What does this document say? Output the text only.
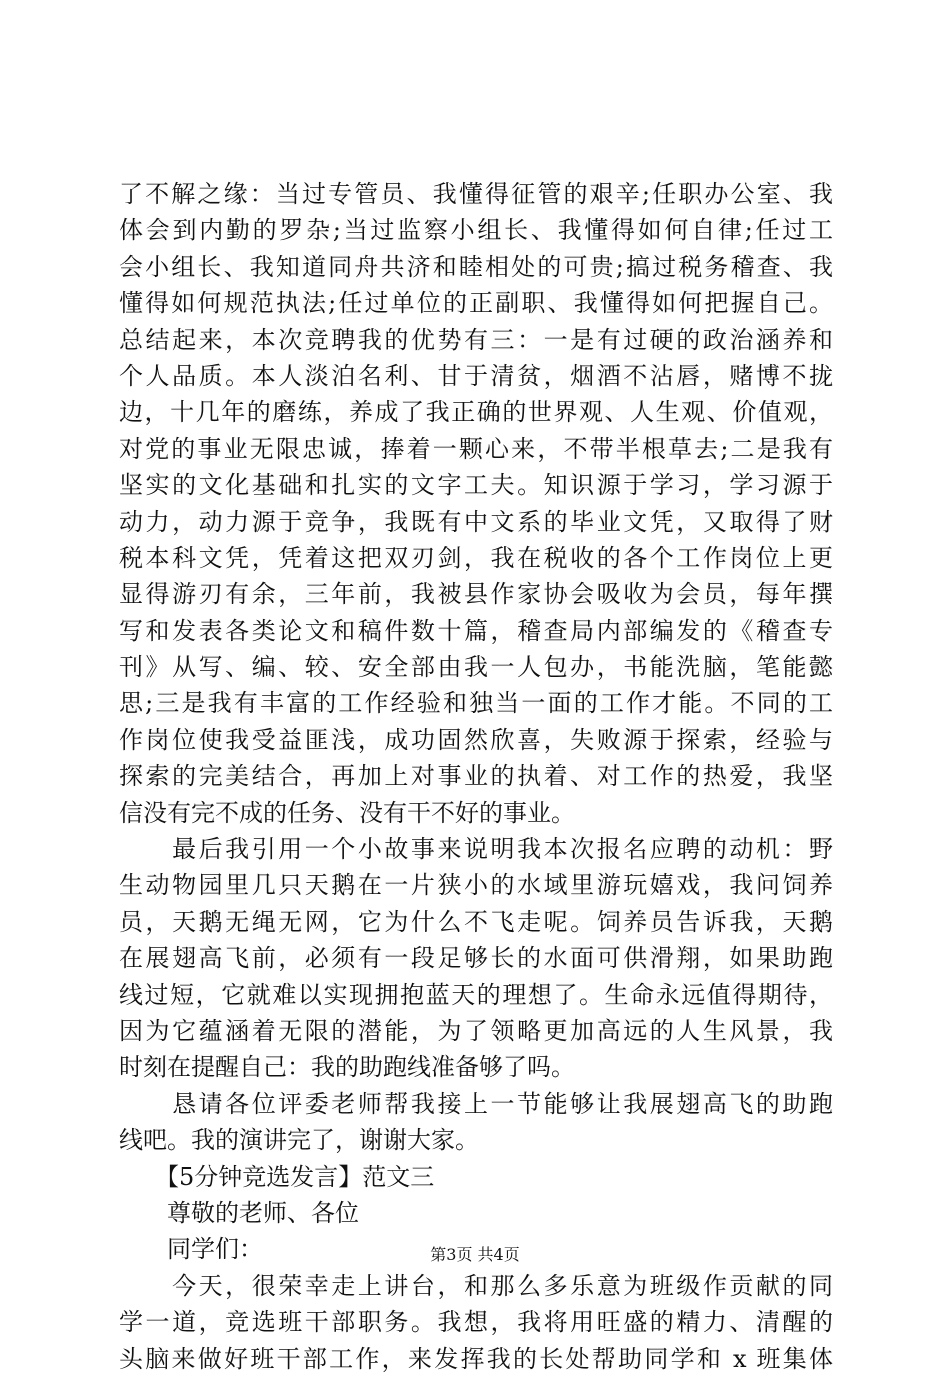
了不解之缘：当过专管员、我懂得征管的艰辛;任职办公室、我
体会到内勤的罗杂;当过监察小组长、我懂得如何自律;任过工
会小组长、我知道同舟共济和睦相处的可贵;搞过税务稽查、我
懂得如何规范执法;任过单位的正副职、我懂得如何把握自己。
总结起来，本次竞聘我的优势有三：一是有过硬的政治涵养和
个人品质。本人淡泊名利、甘于清贫，烟酒不沾唇，赌博不拢
边，十几年的磨练，养成了我正确的世界观、人生观、价值观，
对党的事业无限忠诚，捧着一颗心来，不带半根草去;二是我有
坚实的文化基础和扎实的文字工夫。知识源于学习，学习源于
动力，动力源于竞争，我既有中文系的毕业文凭，又取得了财
税本科文凭，凭着这把双刃剑，我在税收的各个工作岗位上更
显得游刃有余，三年前，我被县作家协会吸收为会员，每年撰
写和发表各类论文和稿件数十篇，稽查局内部编发的《稽查专
刊》从写、编、较、安全部由我一人包办，书能洗脑，笔能懿
思;三是我有丰富的工作经验和独当一面的工作才能。不同的工
作岗位使我受益匪浅，成功固然欣喜，失败源于探索，经验与
探索的完美结合，再加上对事业的执着、对工作的热爱，我坚
信没有完不成的任务、没有干不好的事业。
　　最后我引用一个小故事来说明我本次报名应聘的动机：野
生动物园里几只天鹅在一片狭小的水域里游玩嬉戏，我问饲养
员，天鹅无绳无网，它为什么不飞走呢。饲养员告诉我，天鹅
在展翅高飞前，必须有一段足够长的水面可供滑翔，如果助跑
线过短，它就难以实现拥抱蓝天的理想了。生命永远值得期待，
因为它蕴涵着无限的潜能，为了领略更加高远的人生风景，我
时刻在提醒自己：我的助跑线准备够了吗。
　　恳请各位评委老师帮我接上一节能够让我展翅高飞的助跑
线吧。我的演讲完了，谢谢大家。
　　【5分钟竞选发言】范文三
　　尊敬的老师、各位
　　同学们：
　　今天，很荣幸走上讲台，和那么多乐意为班级作贡献的同
学一道，竞选班干部职务。我想，我将用旺盛的精力、清醒的
头脑来做好班干部工作，来发挥我的长处帮助同学和 x 班集体
第3页 共4页
